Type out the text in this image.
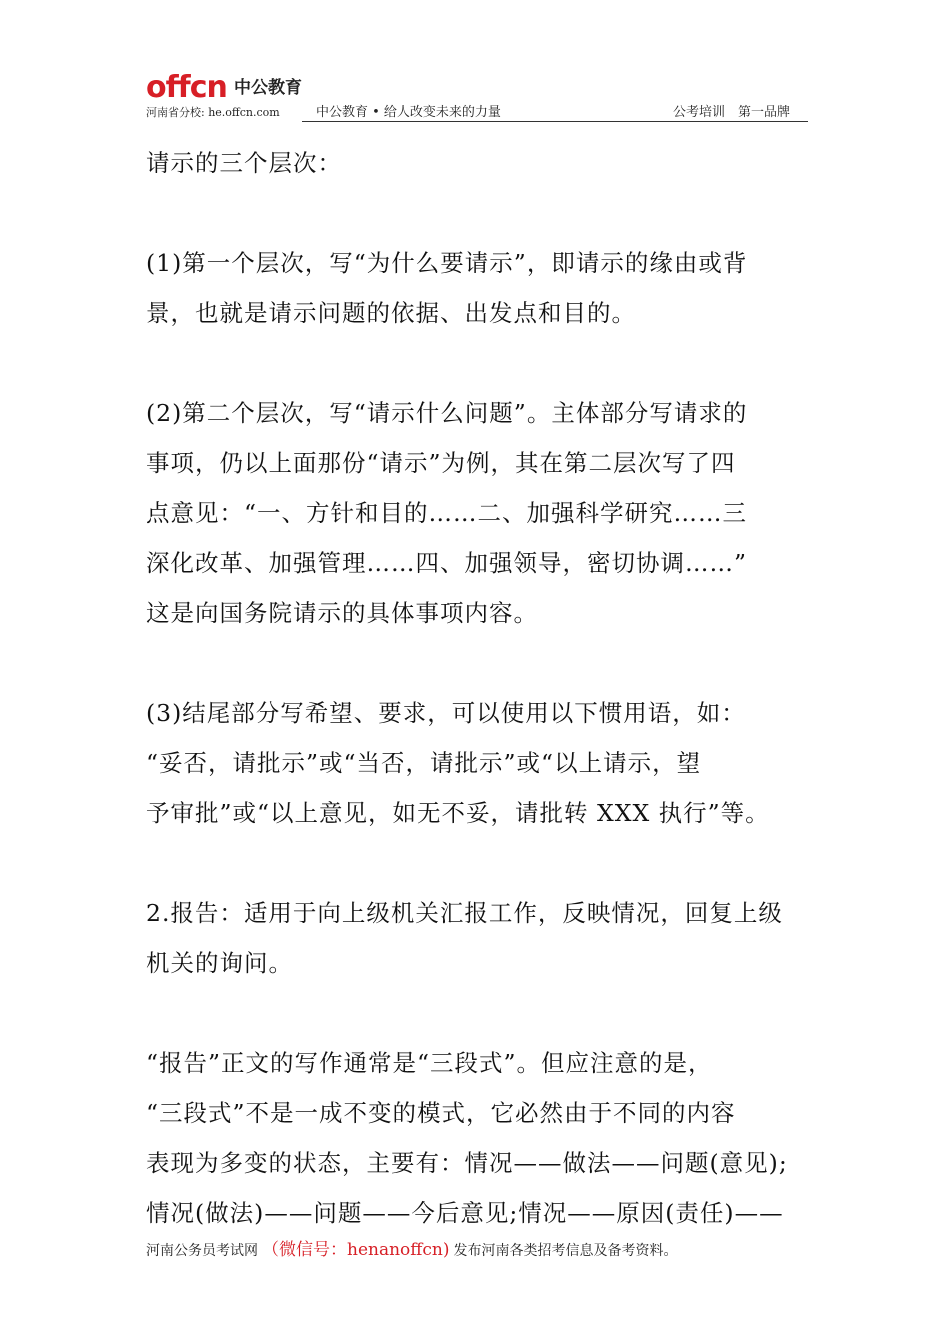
offcn 中公教育
河南省分校: he.offcn.com	中公教育 • 给人改变未来的力量	公考培训　第一品牌

请示的三个层次：

(1)第一个层次，写“为什么要请示”，即请示的缘由或背
景，也就是请示问题的依据、出发点和目的。

(2)第二个层次，写“请示什么问题”。主体部分写请求的
事项，仍以上面那份“请示”为例，其在第二层次写了四
点意见：“一、方针和目的……二、加强科学研究……三
深化改革、加强管理……四、加强领导，密切协调……”
这是向国务院请示的具体事项内容。

(3)结尾部分写希望、要求，可以使用以下惯用语，如：
“妥否，请批示”或“当否，请批示”或“以上请示，望
予审批”或“以上意见，如无不妥，请批转 XXX 执行”等。

2.报告：适用于向上级机关汇报工作，反映情况，回复上级
机关的询问。

“报告”正文的写作通常是“三段式”。但应注意的是，
“三段式”不是一成不变的模式，它必然由于不同的内容
表现为多变的状态，主要有：情况——做法——问题(意见);
情况(做法)——问题——今后意见;情况——原因(责任)——

河南公务员考试网 （微信号：henanoffcn) 发布河南各类招考信息及备考资料。
